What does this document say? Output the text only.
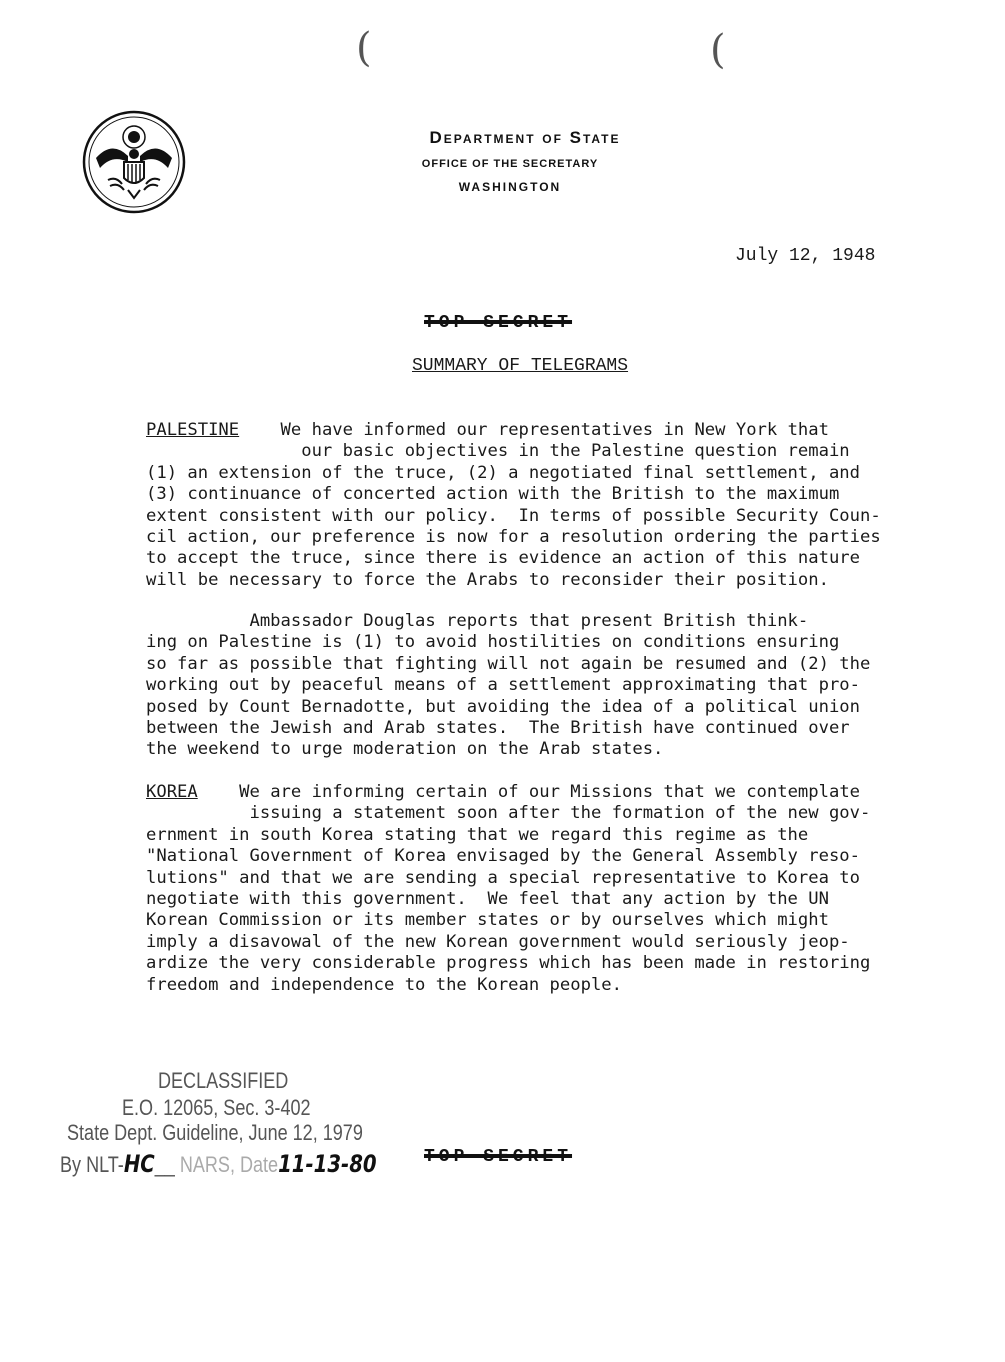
(	(
Department of State
OFFICE OF THE SECRETARY
WASHINGTON
July 12, 1948
TOP SECRET
SUMMARY OF TELEGRAMS
PALESTINE We have informed our representatives in New York that
our basic objectives in the Palestine question remain
(1) an extension of the truce, (2) a negotiated final settlement, and
(3) continuance of concerted action with the British to the maximum
extent consistent with our policy.  In terms of possible Security Coun-
cil action, our preference is now for a resolution ordering the parties
to accept the truce, since there is evidence an action of this nature
will be necessary to force the Arabs to reconsider their position.
Ambassador Douglas reports that present British think-
ing on Palestine is (1) to avoid hostilities on conditions ensuring
so far as possible that fighting will not again be resumed and (2) the
working out by peaceful means of a settlement approximating that pro-
posed by Count Bernadotte, but avoiding the idea of a political union
between the Jewish and Arab states.  The British have continued over
the weekend to urge moderation on the Arab states.
KOREA We are informing certain of our Missions that we contemplate
issuing a statement soon after the formation of the new gov-
ernment in south Korea stating that we regard this regime as the
"National Government of Korea envisaged by the General Assembly reso-
lutions" and that we are sending a special representative to Korea to
negotiate with this government.  We feel that any action by the UN
Korean Commission or its member states or by ourselves which might
imply a disavowal of the new Korean government would seriously jeop-
ardize the very considerable progress which has been made in restoring
freedom and independence to the Korean people.
DECLASSIFIED
E.O. 12065, Sec. 3-402
State Dept. Guideline, June 12, 1979
By NLT-HC__ NARS, Date11-13-80	TOP SECRET
